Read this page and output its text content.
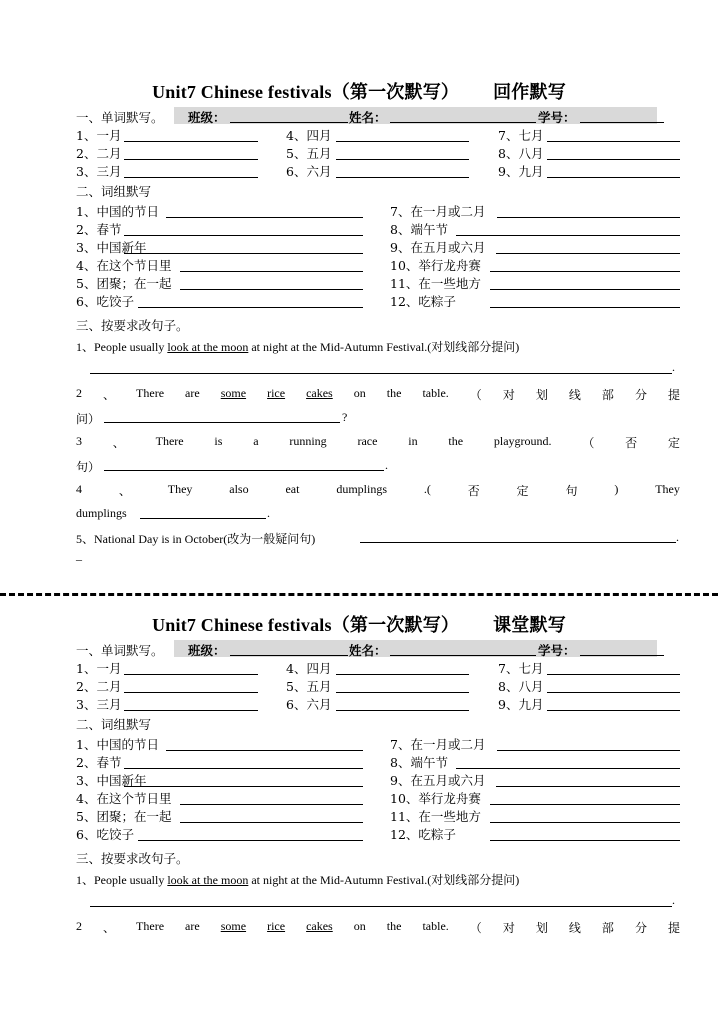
Unit7 Chinese festivals（第一次默写） 回作默写
一、单词默写。 班级：	姓名：	学号：
二、词组默写
三、按要求改句子。
1、一月	4、四月	7、七月
2、二月	5、五月	8、八月
3、三月	6、六月	9、九月
1、中国的节日	7、在一月或二月
2、春节	8、端午节
3、中国新年	9、在五月或六月
4、在这个节日里	10、举行龙舟赛
5、团聚；在一起	11、在一些地方
6、吃饺子	12、吃粽子
1、People usually look at the moon at night at the Mid-Autumn Festival.(对划线部分提问)
.
2 、 There are some rice cakes on the table. （ 对 划 线 部 分 提
问）	?
3	、	There	is	a	running	race	in	the	playground.	（	否	定
句）	.
4	、	They	also	eat	dumplings	.(	否	定	句	)	They
dumplings	.
5、National Day is in October(改为一般疑问句)	.
_
Unit7 Chinese festivals（第一次默写） 课堂默写
一、单词默写。 班级：	姓名：	学号：
二、词组默写
三、按要求改句子。
1、一月	4、四月	7、七月
2、二月	5、五月	8、八月
3、三月	6、六月	9、九月
1、中国的节日	7、在一月或二月
2、春节	8、端午节
3、中国新年	9、在五月或六月
4、在这个节日里	10、举行龙舟赛
5、团聚；在一起	11、在一些地方
6、吃饺子	12、吃粽子
1、People usually look at the moon at night at the Mid-Autumn Festival.(对划线部分提问)
.
2 、 There are some rice cakes on the table. （ 对 划 线 部 分 提
